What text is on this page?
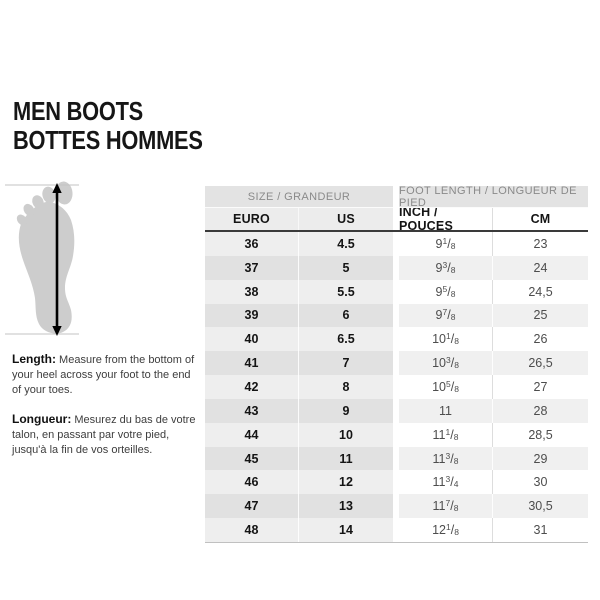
MEN BOOTS
BOTTES HOMMES

Length: Measure from the bottom of your heel across your foot to the end of your toes.

Longueur: Mesurez du bas de votre talon, en passant par votre pied, jusqu'à la fin de vos orteilles.

SIZE / GRANDEUR	FOOT LENGTH / LONGUEUR DE PIED
EURO	US	INCH / POUCES	CM
36	4.5	9 $^1$ $/_8$	23
37	5	9 $^3$ $/_8$	24
38	5.5	9 $^5$ $/_8$	24,5
39	6	9 $^7$ $/_8$	25
40	6.5	10 $^1$ $/_8$	26
41	7	10 $^3$ $/_8$	26,5
42	8	10 $^5$ $/_8$	27
43	9	11	28
44	10	11 $^1$ $/_8$	28,5
45	11	11 $^3$ $/_8$	29
46	12	11 $^3$ $/_4$	30
47	13	11 $^7$ $/_8$	30,5
48	14	12 $^1$ $/_8$	31
